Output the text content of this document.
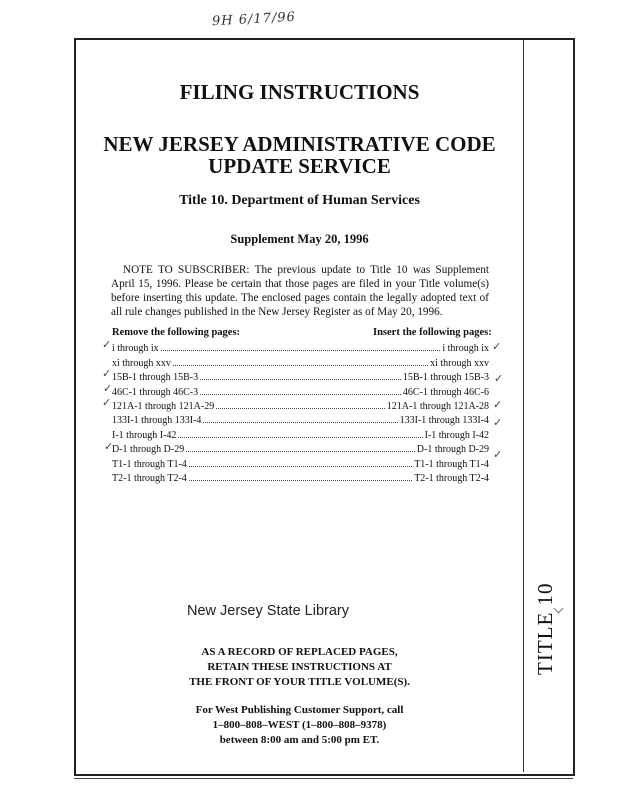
9H 6/17/96
FILING INSTRUCTIONS
NEW JERSEY ADMINISTRATIVE CODE
UPDATE SERVICE
Title 10. Department of Human Services
Supplement May 20, 1996
NOTE TO SUBSCRIBER: The previous update to Title 10 was Supplement April 15, 1996. Please be certain that those pages are filed in your Title volume(s) before inserting this update. The enclosed pages contain the legally adopted text of all rule changes published in the New Jersey Register as of May 20, 1996.
Remove the following pages:	Insert the following pages:
i through ix	i through ix
xi through xxv	xi through xxv
15B-1 through 15B-3	15B-1 through 15B-3
46C-1 through 46C-3	46C-1 through 46C-6
121A-1 through 121A-29	121A-1 through 121A-28
133I-1 through 133I-4	133I-1 through 133I-4
I-1 through I-42	I-1 through I-42
D-1 through D-29	D-1 through D-29
T1-1 through T1-4	T1-1 through T1-4
T2-1 through T2-4	T2-1 through T2-4
✓
✓
✓
✓
✓
✓
✓
✓
✓
✓
New Jersey State Library
AS A RECORD OF REPLACED PAGES,
RETAIN THESE INSTRUCTIONS AT
THE FRONT OF YOUR TITLE VOLUME(S).
For West Publishing Customer Support, call
1–800–808–WEST (1–800–808–9378)
between 8:00 am and 5:00 pm ET.
TITLE 10
